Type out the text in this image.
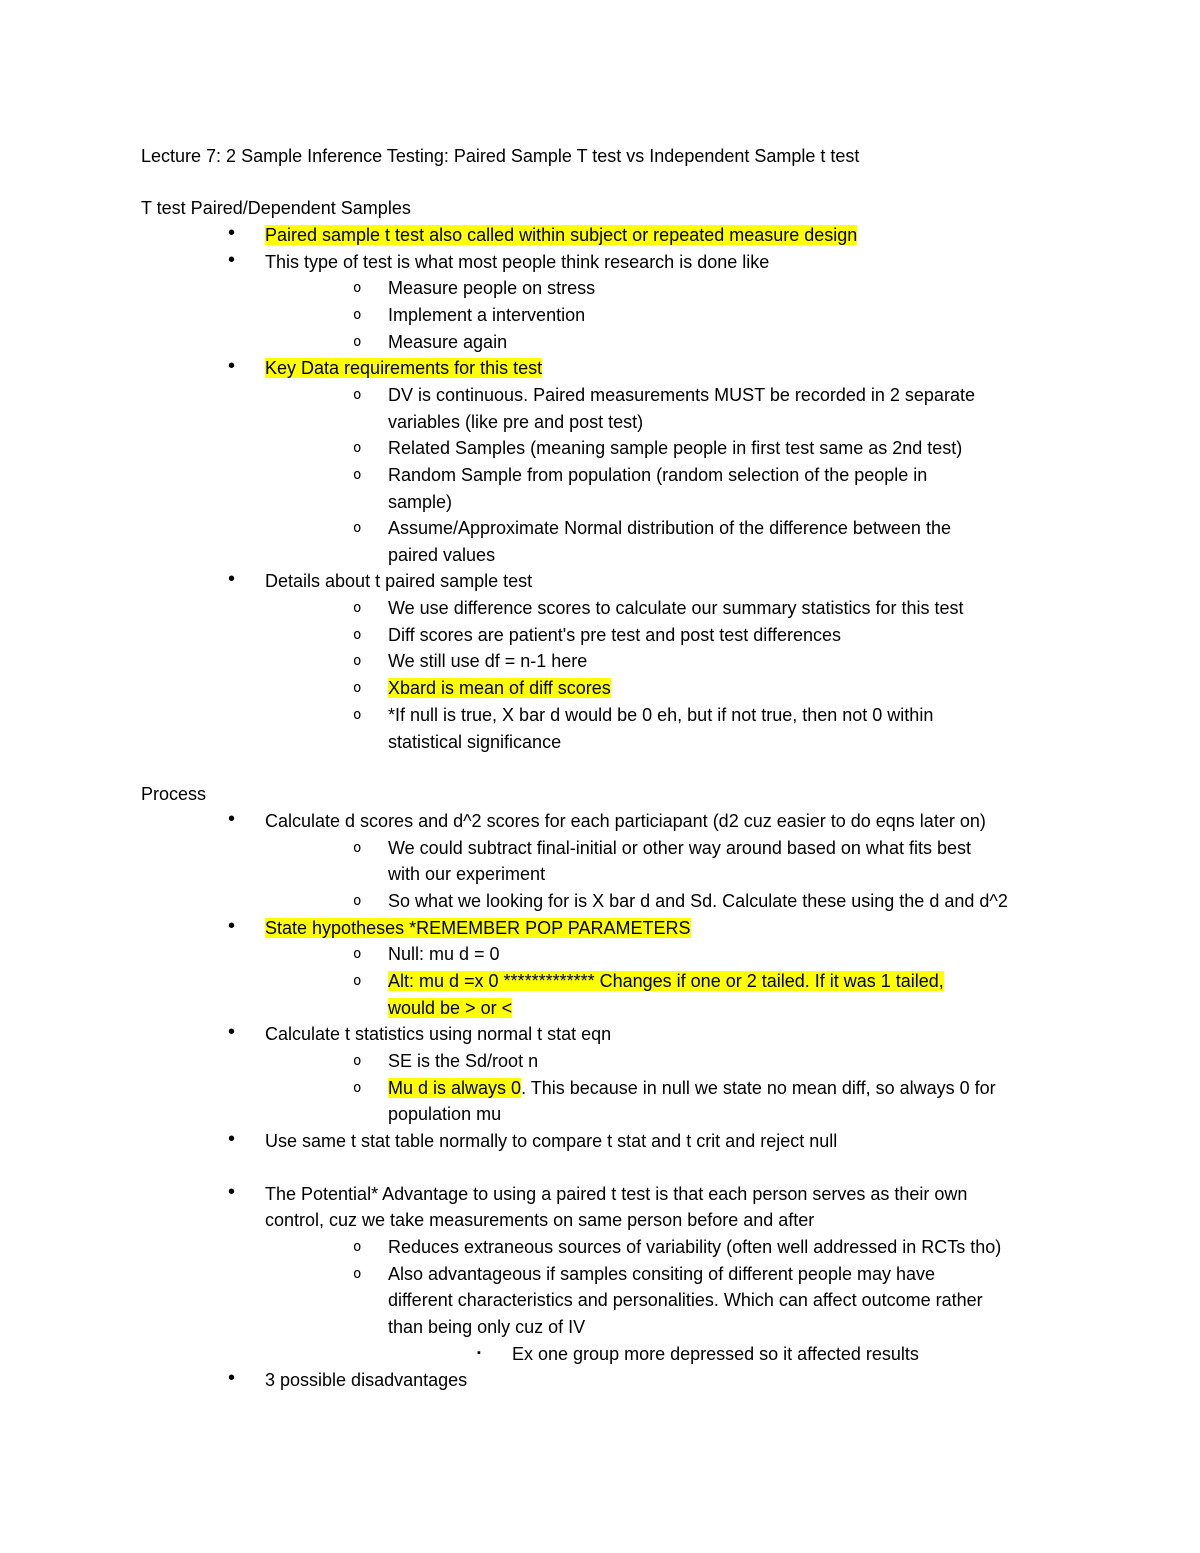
Lecture 7: 2 Sample Inference Testing: Paired Sample T test vs Independent Sample t test
T test Paired/Dependent Samples
• Paired sample t test also called within subject or repeated measure design
• This type of test is what most people think research is done like
o Measure people on stress
o Implement a intervention
o Measure again
• Key Data requirements for this test
o DV is continuous. Paired measurements MUST be recorded in 2 separate
variables (like pre and post test)
o Related Samples (meaning sample people in first test same as 2nd test)
o Random Sample from population (random selection of the people in
sample)
o Assume/Approximate Normal distribution of the difference between the
paired values
• Details about t paired sample test
o We use difference scores to calculate our summary statistics for this test
o Diff scores are patient's pre test and post test differences
o We still use df = n-1 here
o Xbard is mean of diff scores
o *If null is true, X bar d would be 0 eh, but if not true, then not 0 within
statistical significance
Process
• Calculate d scores and d^2 scores for each particiapant (d2 cuz easier to do eqns later on)
o We could subtract final-initial or other way around based on what fits best
with our experiment
o So what we looking for is X bar d and Sd. Calculate these using the d and d^2
• State hypotheses *REMEMBER POP PARAMETERS
o Null: mu d = 0
o Alt: mu d =x 0 ************* Changes if one or 2 tailed. If it was 1 tailed,
would be > or <
• Calculate t statistics using normal t stat eqn
o SE is the Sd/root n
o Mu d is always 0. This because in null we state no mean diff, so always 0 for
population mu
• Use same t stat table normally to compare t stat and t crit and reject null
• The Potential* Advantage to using a paired t test is that each person serves as their own
control, cuz we take measurements on same person before and after
o Reduces extraneous sources of variability (often well addressed in RCTs tho)
o Also advantageous if samples consiting of different people may have
different characteristics and personalities. Which can affect outcome rather
than being only cuz of IV
▪ Ex one group more depressed so it affected results
• 3 possible disadvantages
